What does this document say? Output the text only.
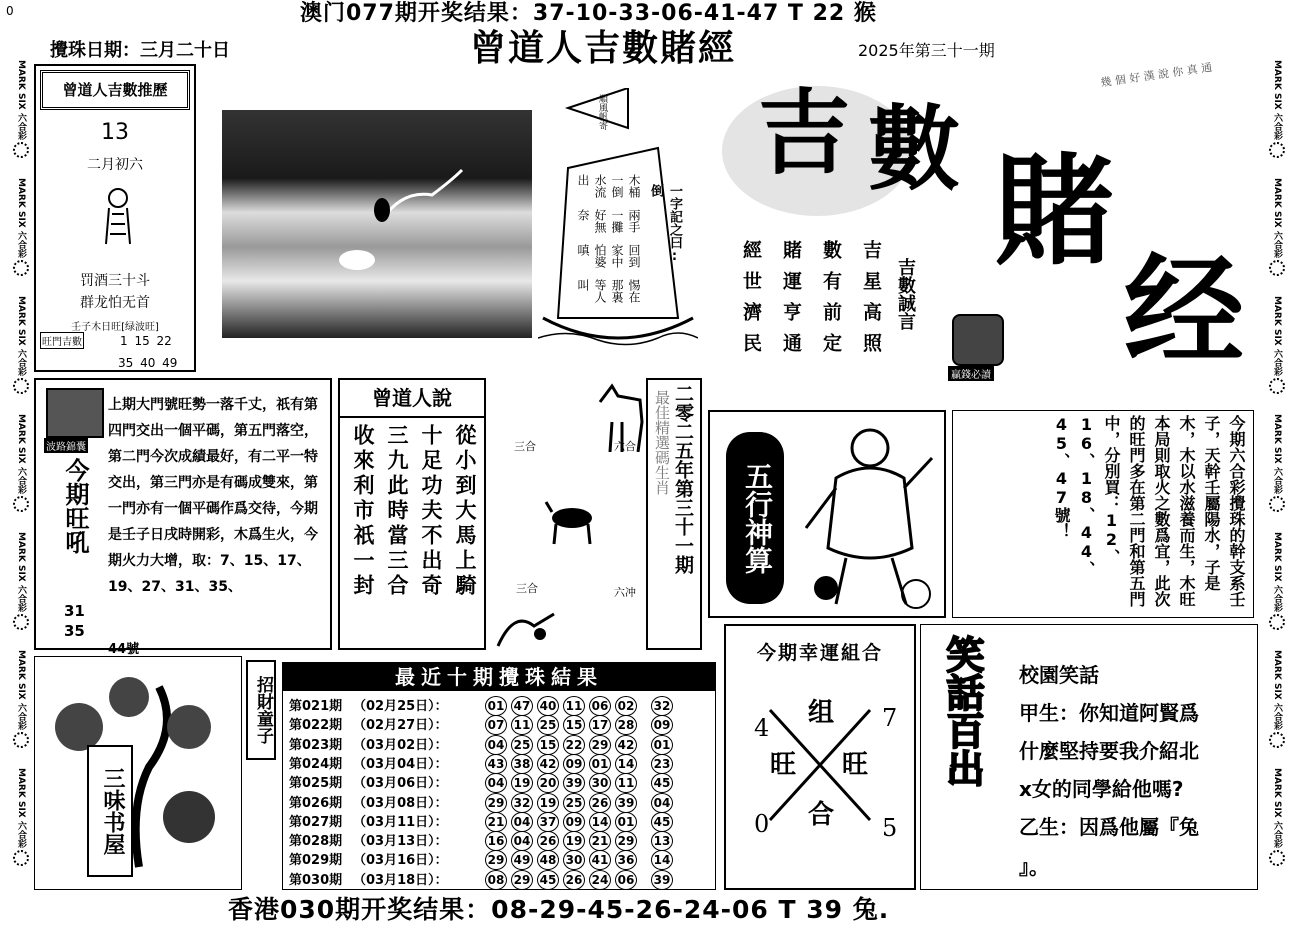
0	澳门077期开奖结果：37-10-33-06-41-47 T 22 猴
攪珠日期：三月二十日	曾道人吉數賭經	2025年第三十一期
MARK SIX 六合彩
MARK SIX 六合彩
MARK SIX 六合彩
MARK SIX 六合彩
MARK SIX 六合彩
MARK SIX 六合彩
MARK SIX 六合彩
MARK SIX 六合彩
MARK SIX 六合彩
MARK SIX 六合彩
MARK SIX 六合彩
MARK SIX 六合彩
MARK SIX 六合彩
MARK SIX 六合彩
曾道人吉數推歷
13
二月初六
罚酒三十斗
群龙怕无首
壬子木日旺[绿波旺]
旺門吉數	1 15 22
35 40 49
順風帆寄
木桶一倒水流出
兩手一攤好無奈
回到家中怕婆嗔
惕在那裏等人叫
一字記之曰:倒
吉 數 賭
经
幾 個 好 漢 說 你 真 通
吉數誠言
吉星高照
數有前定
賭運亨通
經世濟民
贏錢必讀
波路錦囊
今期旺吼
上期大門號旺勢一落千丈，祇有第四門交出一個平碼，第五門落空，第二門今次成績最好，有二平一特交出，第三門亦是有碼成雙來，第一門亦有一個平碼作爲交待，今期是壬子日戌時開彩，木爲生火，今期火力大增，取：7、15、17、19、27、31、35、
31
35
44號
曾道人說
從小到大馬上騎
十足功夫不出奇
三九此時當三合
收來利市祇一封	三合	六合
三合	六冲
二零二五年第三十一期
最佳精選碼生肖
五行神算	今期六合彩攪珠的幹支系壬子，天幹壬屬陽水，子是木，木以水滋養而生，木旺本局則取火之數爲宜，此次的旺門多在第二門和第五門中，分別買：12、16、18、44、45、47號！
三味书屋
招財童子	最近十期攪珠結果
第021期 （02月25日）：	01 47 40 11 06 02 32
第022期 （02月27日）：	07 11 25 15 17 28 09
第023期 （03月02日）：	04 25 15 22 29 42 01
第024期 （03月04日）：	43 38 42 09 01 14 23
第025期 （03月06日）：	04 19 20 39 30 11 45
第026期 （03月08日）：	29 32 19 25 26 39 04
第027期 （03月11日）：	21 04 37 09 14 01 45
第028期 （03月13日）：	16 04 26 19 21 29 13
第029期 （03月16日）：	29 49 48 30 41 36 14
第030期 （03月18日）：	08 29 45 26 24 06 39
今期幸運組合
组
旺 旺
合
4	7
0	5
笑話百出	校園笑話
甲生：你知道阿賢爲
什麼堅持要我介紹北
x女的同學給他嗎?
乙生：因爲他屬『兔
』。
香港030期开奖结果：08-29-45-26-24-06 T 39 兔.
